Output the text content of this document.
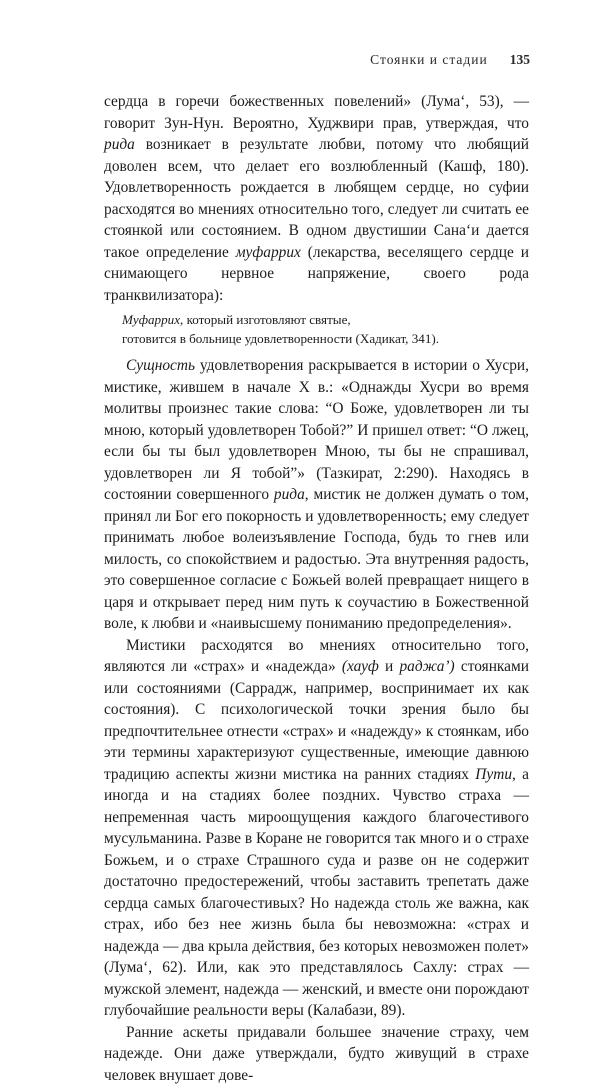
Стоянки и стадии 135

сердца в горечи божественных повелений» (Лума‘, 53), — говорит Зун-Нун. Вероятно, Худжвири прав, утверждая, что рида возникает в результате любви, потому что любящий доволен всем, что делает его возлюбленный (Кашф, 180). Удовлетворенность рождается в любящем сердце, но суфии расходятся во мнениях относительно того, следует ли считать ее стоянкой или состоянием. В одном двустишии Сана‘и дается такое определение муфаррих (лекарства, веселящего сердце и снимающего нервное напряжение, своего рода транквилизатора):

Муфаррих, который изготовляют святые,
готовится в больнице удовлетворенности (Хадикат, 341).

Сущность удовлетворения раскрывается в истории о Хусри, мистике, жившем в начале X в.: «Однажды Хусри во время молитвы произнес такие слова: “О Боже, удовлетворен ли ты мною, который удовлетворен Тобой?” И пришел ответ: “О лжец, если бы ты был удовлетворен Мною, ты бы не спрашивал, удовлетворен ли Я тобой”» (Тазкират, 2:290). Находясь в состоянии совершенного рида, мистик не должен думать о том, принял ли Бог его покорность и удовлетворенность; ему следует принимать любое волеизъявление Господа, будь то гнев или милость, со спокойствием и радостью. Эта внутренняя радость, это совершенное согласие с Божьей волей превращает нищего в царя и открывает перед ним путь к соучастию в Божественной воле, к любви и «наивысшему пониманию предопределения».

Мистики расходятся во мнениях относительно того, являются ли «страх» и «надежда» (хауф и раджа’) стоянками или состояниями (Саррадж, например, воспринимает их как состояния). С психологической точки зрения было бы предпочтительнее отнести «страх» и «надежду» к стоянкам, ибо эти термины характеризуют существенные, имеющие давнюю традицию аспекты жизни мистика на ранних стадиях Пути, а иногда и на стадиях более поздних. Чувство страха — непременная часть мироощущения каждого благочестивого мусульманина. Разве в Коране не говорится так много и о страхе Божьем, и о страхе Страшного суда и разве он не содержит достаточно предостережений, чтобы заставить трепетать даже сердца самых благочестивых? Но надежда столь же важна, как страх, ибо без нее жизнь была бы невозможна: «страх и надежда — два крыла действия, без которых невозможен полет» (Лума‘, 62). Или, как это представлялось Сахлу: страх — мужской элемент, надежда — женский, и вместе они порождают глубочайшие реальности веры (Калабази, 89).

Ранние аскеты придавали большее значение страху, чем надежде. Они даже утверждали, будто живущий в страхе человек внушает дове-
